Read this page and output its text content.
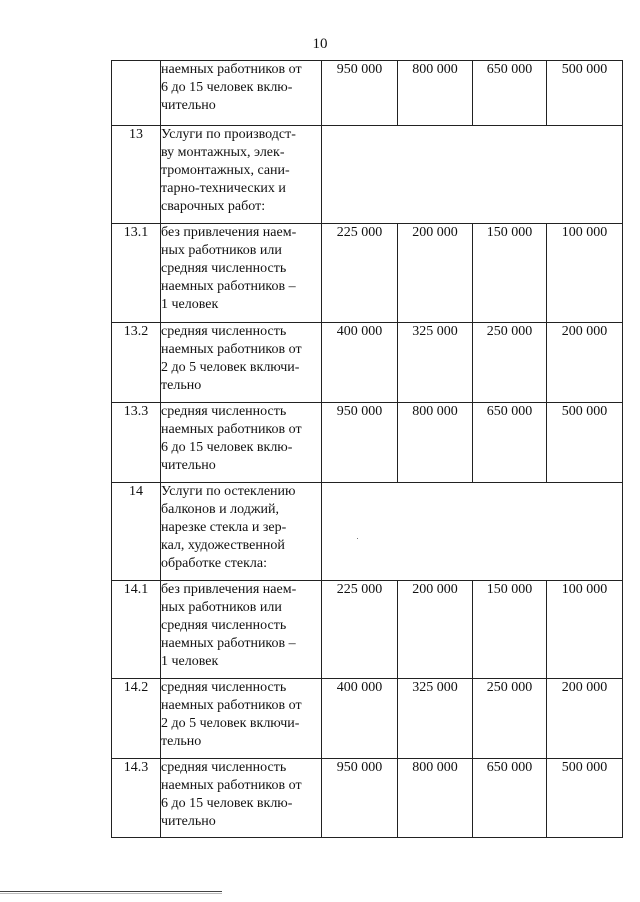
10

	наемных работников от
6 до 15 человек вклю-
чительно	950 000	800 000	650 000	500 000
13	Услуги по производст-
ву монтажных, элек-
тромонтажных, сани-
тарно-технических и
сварочных работ:				

13.1	без привлечения наем-
ных работников или
средняя численность
наемных работников –
1 человек	225 000	200 000	150 000	100 000
13.2	средняя численность
наемных работников от
2 до 5 человек включи-
тельно	400 000	325 000	250 000	200 000
13.3	средняя численность
наемных работников от
6 до 15 человек вклю-
чительно	950 000	800 000	650 000	500 000
14	Услуги по остеклению
балконов и лоджий,
нарезке стекла и зер-
кал, художественной
обработке стекла:				

14.1	без привлечения наем-
ных работников или
средняя численность
наемных работников –
1 человек	225 000	200 000	150 000	100 000
14.2	средняя численность
наемных работников от
2 до 5 человек включи-
тельно	400 000	325 000	250 000	200 000
14.3	средняя численность
наемных работников от
6 до 15 человек вклю-
чительно	950 000	800 000	650 000	500 000
